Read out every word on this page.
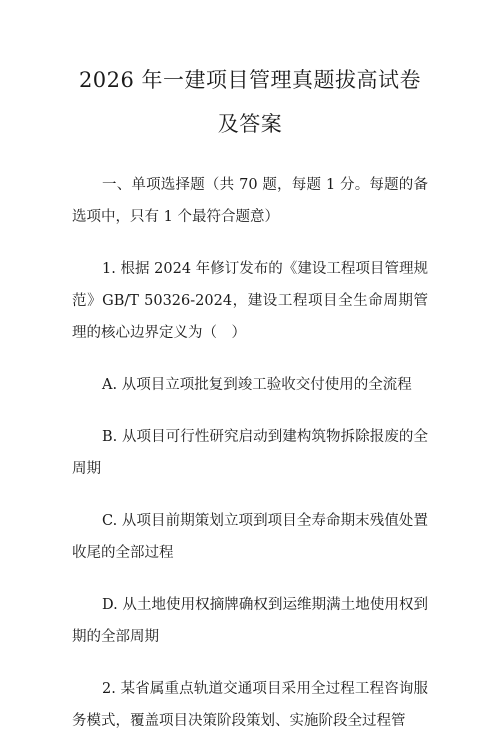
2026 年一建项目管理真题拔高试卷及答案

一、单项选择题（共 70 题，每题 1 分。每题的备选项中，只有 1 个最符合题意）

1. 根据 2024 年修订发布的《建设工程项目管理规范》GB/T 50326-2024，建设工程项目全生命周期管理的核心边界定义为（　）

A. 从项目立项批复到竣工验收交付使用的全流程

B. 从项目可行性研究启动到建构筑物拆除报废的全周期

C. 从项目前期策划立项到项目全寿命期末残值处置收尾的全部过程

D. 从土地使用权摘牌确权到运维期满土地使用权到期的全部周期

2. 某省属重点轨道交通项目采用全过程工程咨询服务模式，覆盖项目决策阶段策划、实施阶段全过程管
